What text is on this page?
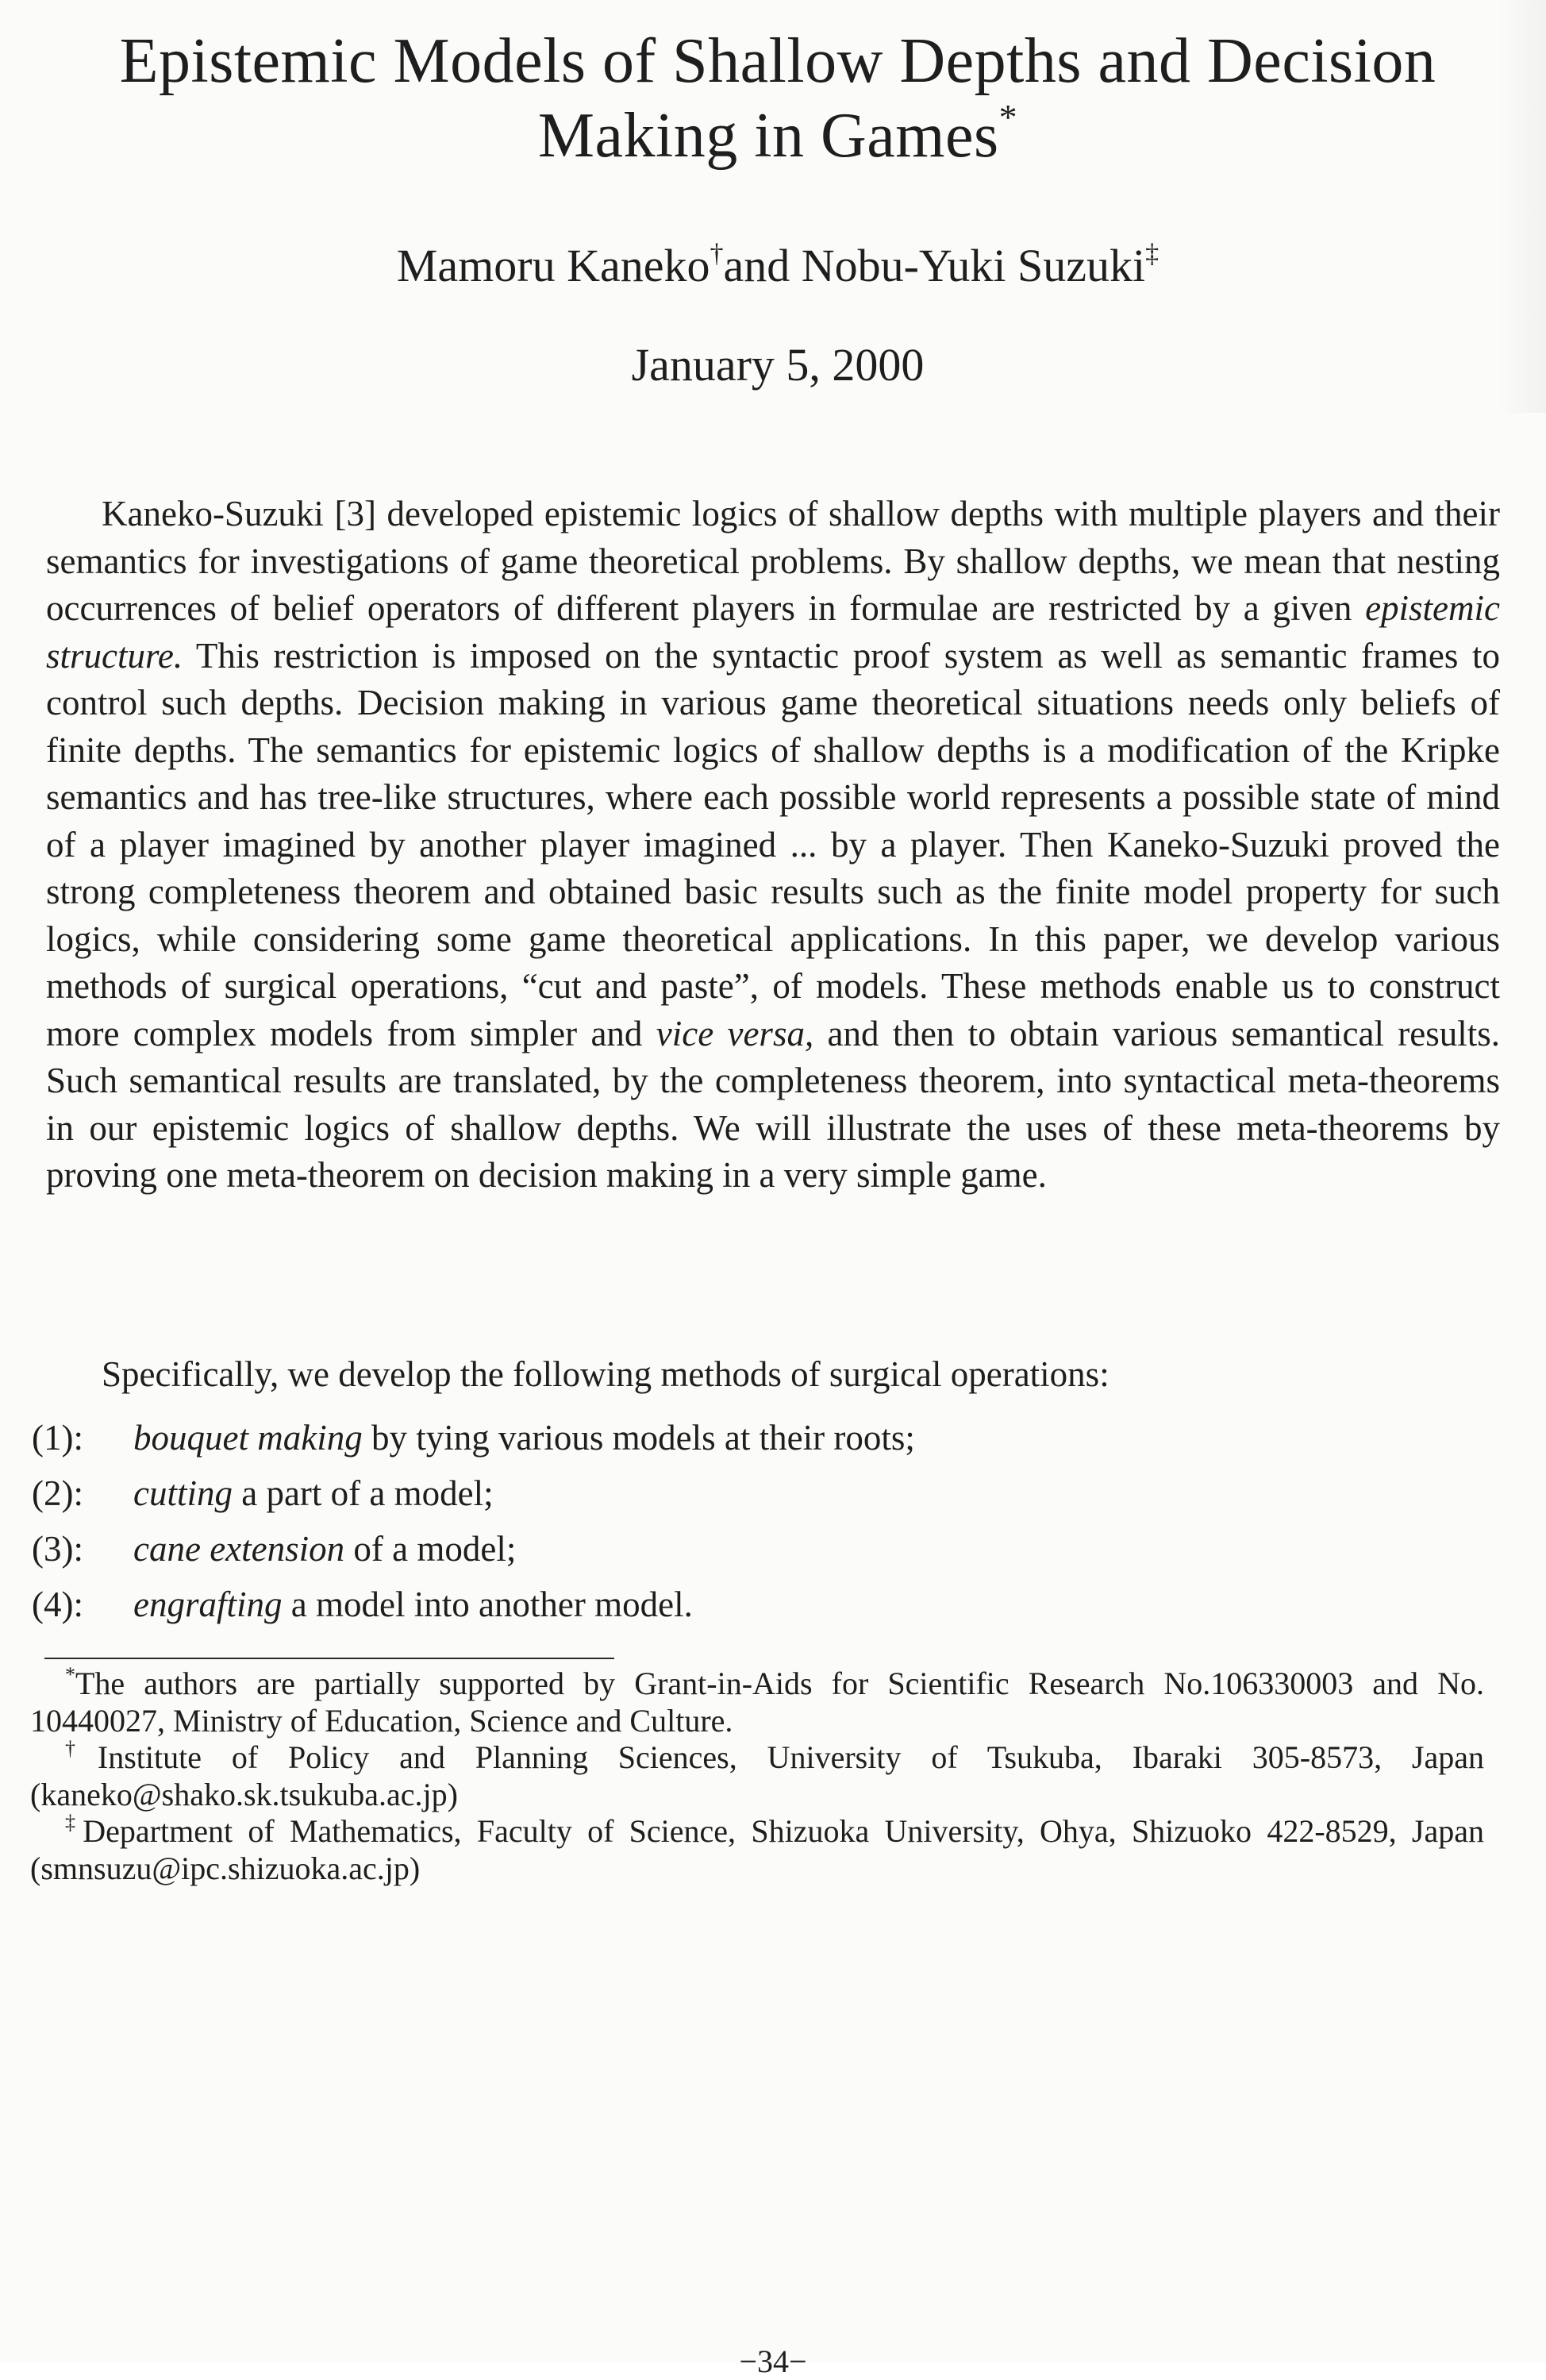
Epistemic Models of Shallow Depths and Decision Making in Games*
Mamoru Kaneko†and Nobu-Yuki Suzuki‡
January 5, 2000

Kaneko-Suzuki [3] developed epistemic logics of shallow depths with multiple players and their semantics for investigations of game theoretical problems. By shallow depths, we mean that nesting occurrences of belief operators of different players in formulae are restricted by a given epistemic structure. This restriction is imposed on the syntactic proof system as well as semantic frames to control such depths. Decision making in various game theoretical situations needs only beliefs of finite depths. The semantics for epistemic logics of shallow depths is a modification of the Kripke semantics and has tree-like structures, where each possible world represents a possible state of mind of a player imagined by another player imagined ... by a player. Then Kaneko-Suzuki proved the strong completeness theorem and obtained basic results such as the finite model property for such logics, while considering some game theoretical applications. In this paper, we develop various methods of surgical operations, “cut and paste”, of models. These methods enable us to construct more complex models from simpler and vice versa, and then to obtain various semantical results. Such semantical results are translated, by the completeness theorem, into syntactical meta-theorems in our epistemic logics of shallow depths. We will illustrate the uses of these meta-theorems by proving one meta-theorem on decision making in a very simple game.

Specifically, we develop the following methods of surgical operations:

(1): bouquet making by tying various models at their roots;
(2): cutting a part of a model;
(3): cane extension of a model;
(4): engrafting a model into another model.

*The authors are partially supported by Grant-in-Aids for Scientific Research No.106330003 and No. 10440027, Ministry of Education, Science and Culture.

†Institute of Policy and Planning Sciences, University of Tsukuba, Ibaraki 305-8573, Japan (kaneko@shako.sk.tsukuba.ac.jp)

‡Department of Mathematics, Faculty of Science, Shizuoka University, Ohya, Shizuoko 422-8529, Japan (smnsuzu@ipc.shizuoka.ac.jp)

−34−
